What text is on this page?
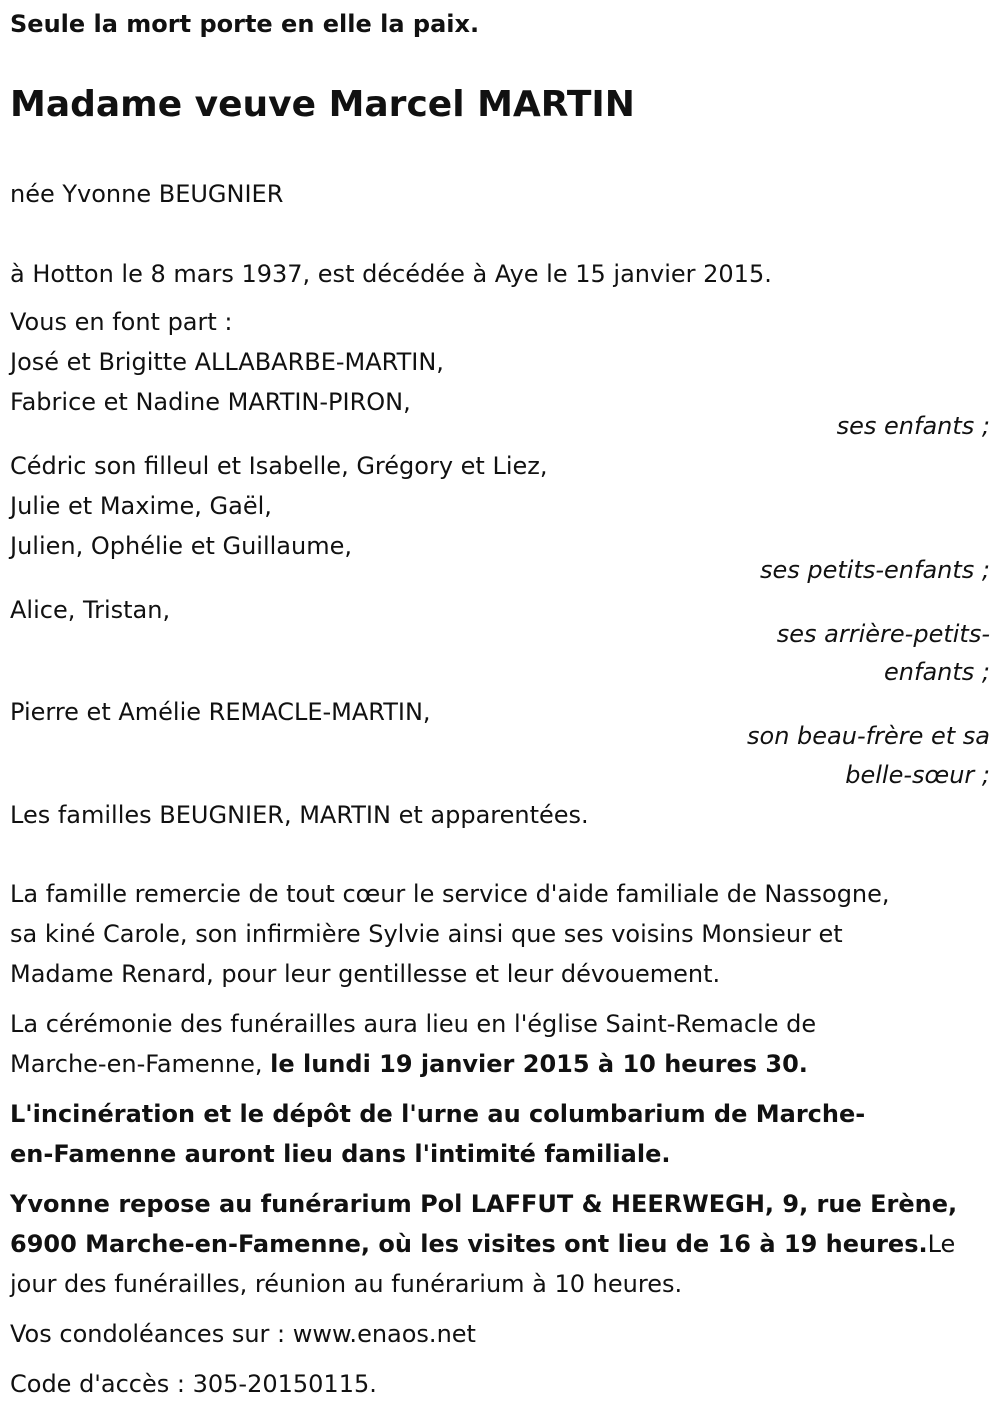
Seule la mort porte en elle la paix.
Madame veuve Marcel MARTIN
née Yvonne BEUGNIER
à Hotton le 8 mars 1937, est décédée à Aye le 15 janvier 2015.
Vous en font part :
José et Brigitte ALLABARBE-MARTIN,
Fabrice et Nadine MARTIN-PIRON,
ses enfants ;
Cédric son filleul et Isabelle, Grégory et Liez,
Julie et Maxime, Gaël,
Julien, Ophélie et Guillaume,
ses petits-enfants ;
Alice, Tristan,
ses arrière-petits-
enfants ;
Pierre et Amélie REMACLE-MARTIN,
son beau-frère et sa
belle-sœur ;
Les familles BEUGNIER, MARTIN et apparentées.
La famille remercie de tout cœur le service d'aide familiale de Nassogne,
sa kiné Carole, son infirmière Sylvie ainsi que ses voisins Monsieur et
Madame Renard, pour leur gentillesse et leur dévouement.
La cérémonie des funérailles aura lieu en l'église Saint-Remacle de
Marche-en-Famenne, le lundi 19 janvier 2015 à 10 heures 30.
L'incinération et le dépôt de l'urne au columbarium de Marche-
en-Famenne auront lieu dans l'intimité familiale.
Yvonne repose au funérarium Pol LAFFUT & HEERWEGH, 9, rue Erène,
6900 Marche-en-Famenne, où les visites ont lieu de 16 à 19 heures.Le
jour des funérailles, réunion au funérarium à 10 heures.
Vos condoléances sur : www.enaos.net
Code d'accès : 305-20150115.
